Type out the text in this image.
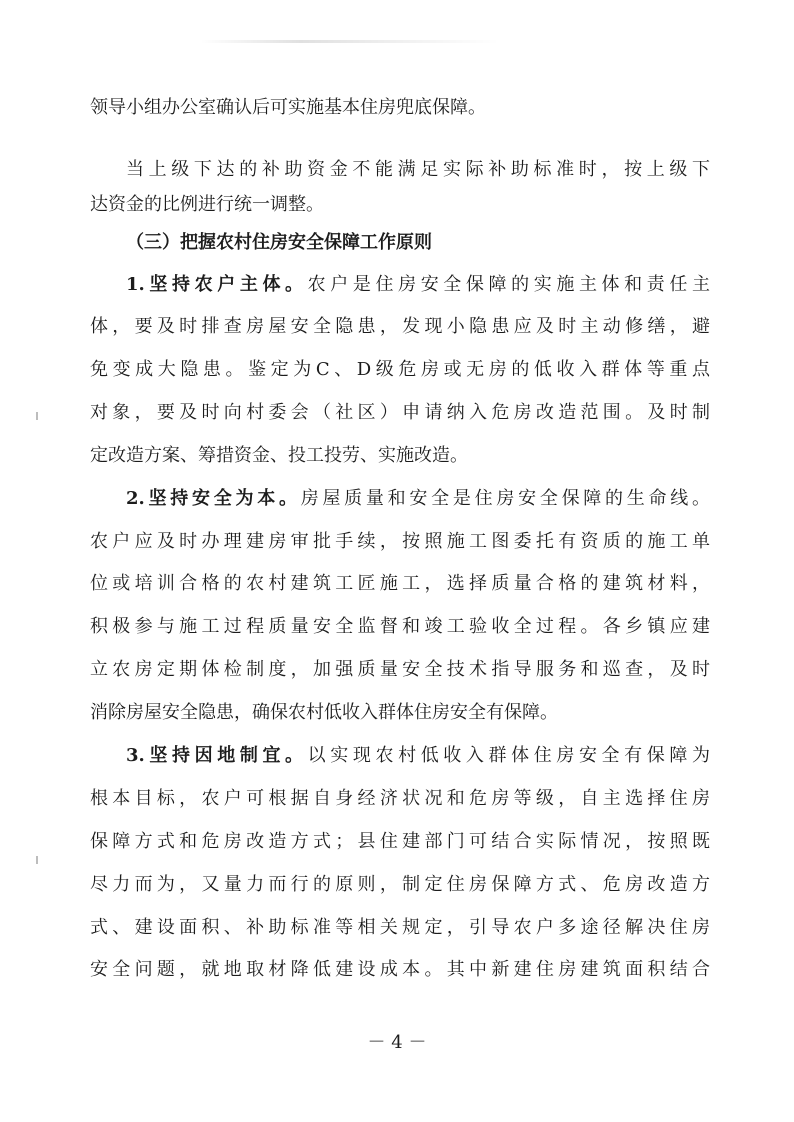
领导小组办公室确认后可实施基本住房兜底保障。
当上级下达的补助资金不能满足实际补助标准时，按上级下
达资金的比例进行统一调整。
（三）把握农村住房安全保障工作原则
1.坚持农户主体。农户是住房安全保障的实施主体和责任主
体，要及时排查房屋安全隐患，发现小隐患应及时主动修缮，避
免变成大隐患。鉴定为C、D级危房或无房的低收入群体等重点
对象，要及时向村委会（社区）申请纳入危房改造范围。及时制
定改造方案、筹措资金、投工投劳、实施改造。
2.坚持安全为本。房屋质量和安全是住房安全保障的生命线。
农户应及时办理建房审批手续，按照施工图委托有资质的施工单
位或培训合格的农村建筑工匠施工，选择质量合格的建筑材料，
积极参与施工过程质量安全监督和竣工验收全过程。各乡镇应建
立农房定期体检制度，加强质量安全技术指导服务和巡查，及时
消除房屋安全隐患，确保农村低收入群体住房安全有保障。
3.坚持因地制宜。以实现农村低收入群体住房安全有保障为
根本目标，农户可根据自身经济状况和危房等级，自主选择住房
保障方式和危房改造方式；县住建部门可结合实际情况，按照既
尽力而为，又量力而行的原则，制定住房保障方式、危房改造方
式、建设面积、补助标准等相关规定，引导农户多途径解决住房
安全问题，就地取材降低建设成本。其中新建住房建筑面积结合
－ 4 －
